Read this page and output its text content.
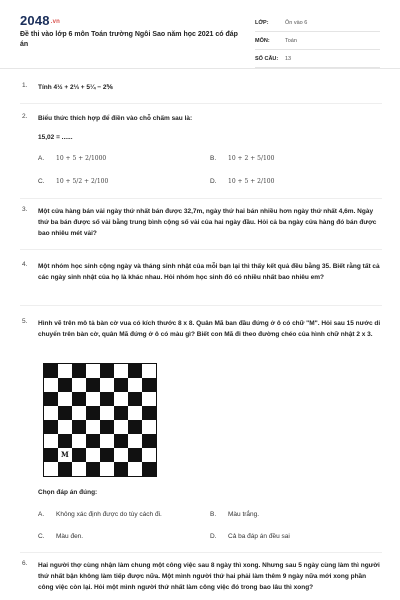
2048.vn
Đề thi vào lớp 6 môn Toán trường Ngôi Sao năm học 2021 có đáp án
LỚP:	Ôn vào 6
MÔN:	Toán
SỐ CÂU:	13
1. Tính 4½ + 2⅓ + 5¼ − 2⅚
2. Biểu thức thích hợp để điền vào chỗ chấm sau là:
15,02 = ......
A. 10 + 5 + 2/1000	B. 10 + 2 + 5/100
C. 10 + 5/2 + 2/100	D. 10 + 5 + 2/100
3. Một cửa hàng bán vải ngày thứ nhất bán được 32,7m, ngày thứ hai bán nhiều hơn ngày thứ nhất 4,6m. Ngày thứ ba bán được số vải bằng trung bình cộng số vải của hai ngày đầu. Hỏi cả ba ngày cửa hàng đó bán được bao nhiêu mét vải?
4. Một nhóm học sinh cộng ngày và tháng sinh nhật của mỗi bạn lại thì thấy kết quả đều bằng 35. Biết rằng tất cả các ngày sinh nhật của họ là khác nhau. Hỏi nhóm học sinh đó có nhiều nhất bao nhiêu em?
5. Hình vẽ trên mô tả bàn cờ vua có kích thước 8 x 8. Quân Mã ban đầu đứng ở ô có chữ "M". Hỏi sau 15 nước di chuyển trên bàn cờ, quân Mã đứng ở ô có màu gì? Biết con Mã đi theo đường chéo của hình chữ nhật 2 x 3.
M
Chọn đáp án đúng:
A. Không xác định được do tùy cách đi.	B. Màu trắng.
C. Màu đen.	D. Cả ba đáp án đều sai
6. Hai người thợ cùng nhận làm chung một công việc sau 8 ngày thì xong. Nhưng sau 5 ngày cùng làm thì người thứ nhất bận không làm tiếp được nữa. Một mình người thứ hai phải làm thêm 9 ngày nữa mới xong phần công việc còn lại. Hỏi một mình người thứ nhất làm công việc đó trong bao lâu thì xong?
